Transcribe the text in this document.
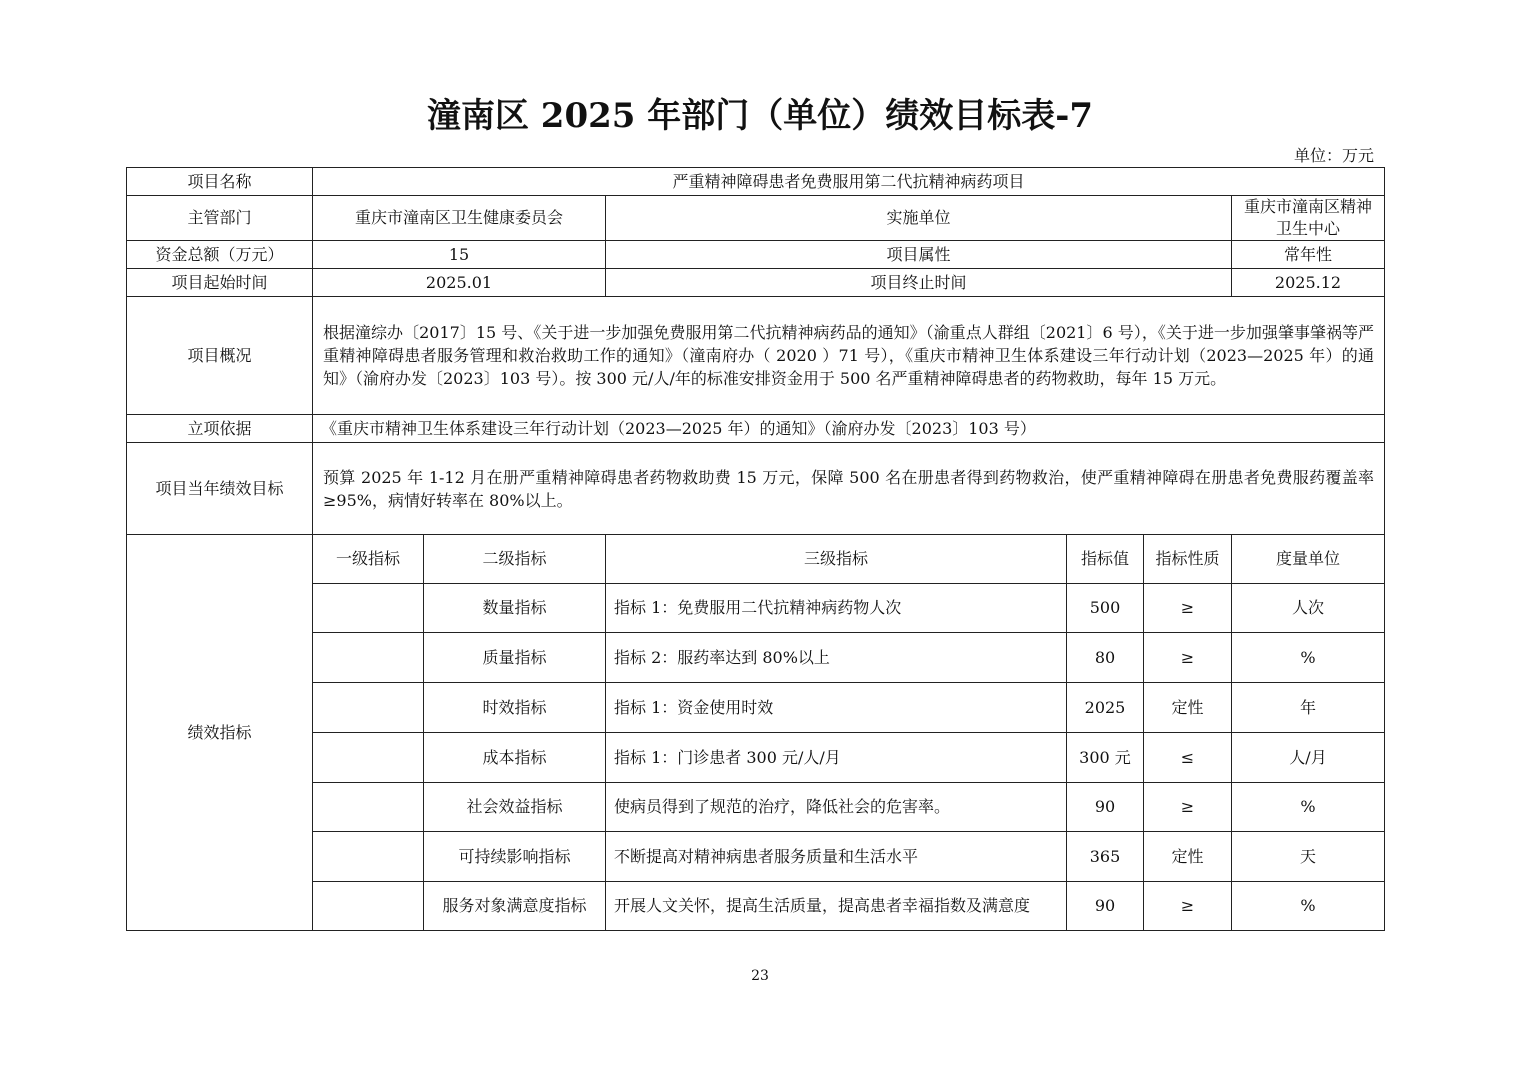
潼南区 2025 年部门（单位）绩效目标表-7
单位：万元
项目名称	严重精神障碍患者免费服用第二代抗精神病药项目					
主管部门	重庆市潼南区卫生健康委员会		实施单位			重庆市潼南区精神卫生中心
资金总额（万元）	15		项目属性			常年性
项目起始时间	2025.01		项目终止时间			2025.12
项目概况	根据潼综办〔2017〕15 号、《关于进一步加强免费服用第二代抗精神病药品的通知》（渝重点人群组〔2021〕6 号），《关于进一步加强肇事肇祸等严重精神障碍患者服务管理和救治救助工作的通知》（潼南府办（ 2020 ）71 号），《重庆市精神卫生体系建设三年行动计划（2023—2025 年）的通知》（渝府办发〔2023〕103 号）。按 300 元/人/年的标准安排资金用于 500 名严重精神障碍患者的药物救助，每年 15 万元。					
立项依据	《重庆市精神卫生体系建设三年行动计划（2023—2025 年）的通知》（渝府办发〔2023〕103 号）					
项目当年绩效目标	预算 2025 年 1-12 月在册严重精神障碍患者药物救助费 15 万元，保障 500 名在册患者得到药物救治，使严重精神障碍在册患者免费服药覆盖率≥95%，病情好转率在 80%以上。					
绩效指标	一级指标	二级指标	三级指标	指标值	指标性质	度量单位
		数量指标	指标 1：免费服用二代抗精神病药物人次	500	≥	人次
		质量指标	指标 2：服药率达到 80%以上	80	≥	%
		时效指标	指标 1：资金使用时效	2025	定性	年
		成本指标	指标 1：门诊患者 300 元/人/月	300 元	≤	人/月
		社会效益指标	使病员得到了规范的治疗，降低社会的危害率。	90	≥	%
		可持续影响指标	不断提高对精神病患者服务质量和生活水平	365	定性	天
		服务对象满意度指标	开展人文关怀，提高生活质量，提高患者幸福指数及满意度	90	≥	%
23
